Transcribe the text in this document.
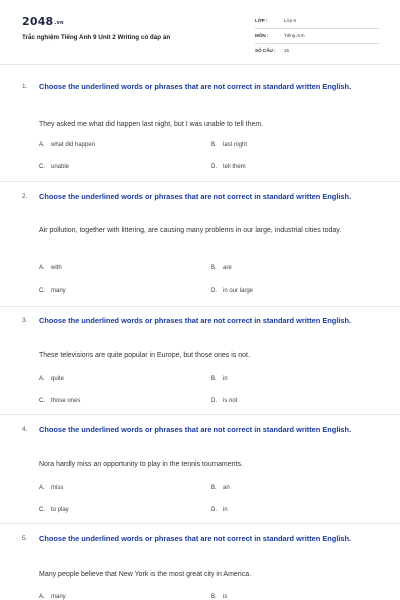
2048.vn
Trắc nghiệm Tiếng Anh 9 Unit 2 Writing có đáp án
LỚP :	Lớp 9
MÔN :	Tiếng Anh
SỐ CÂU : 15
1. Choose the underlined words or phrases that are not correct in standard written English.
They asked me what did happen last night, but I was unable to tell them.
A. what did happen	B. last night
C. unable	D. tell them
2. Choose the underlined words or phrases that are not correct in standard written English.
Air pollution, together with littering, are causing many problems in our large, industrial cities today.
A. with	B. are
C. many	D. in our large
3. Choose the underlined words or phrases that are not correct in standard written English.
These televisions are quite popular in Europe, but those ones is not.
A. quite	B. in
C. those ones	D. is not
4. Choose the underlined words or phrases that are not correct in standard written English.
Nora hardly miss an opportunity to play in the tennis tournaments.
A. miss	B. an
C. to play	D. in
5. Choose the underlined words or phrases that are not correct in standard written English.
Many people believe that New York is the most great city in America.
A. many	B. is
